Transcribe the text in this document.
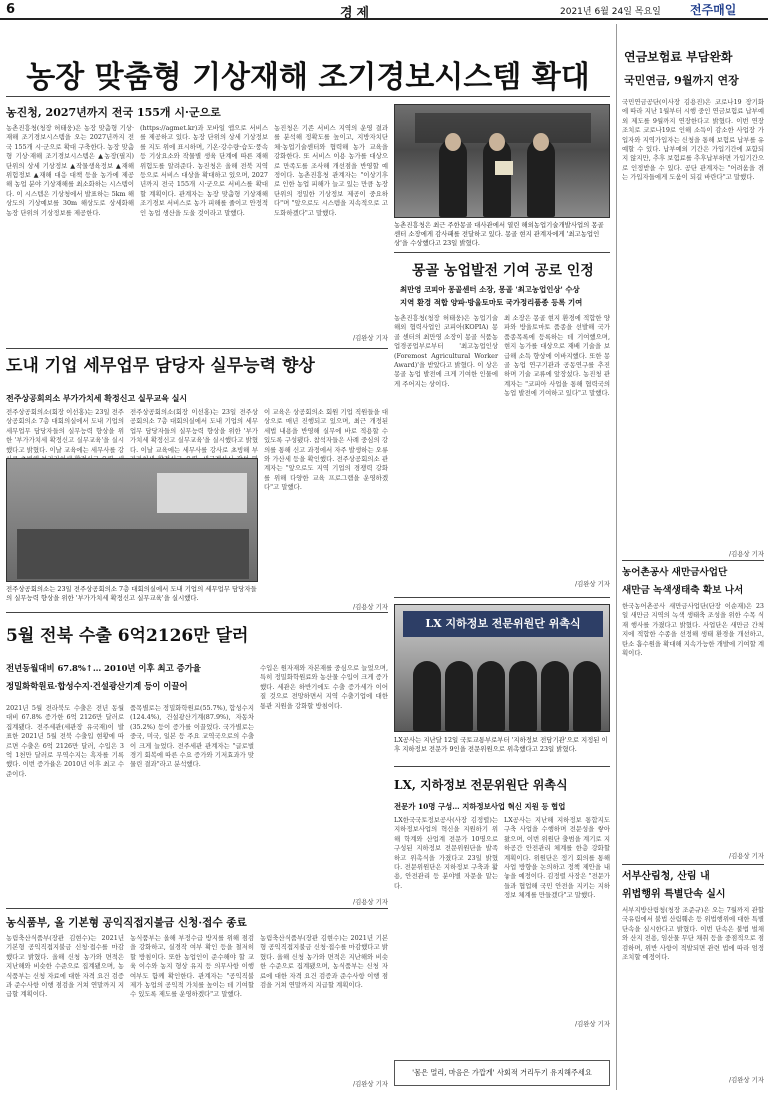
6	경제	2021년 6월 24일 목요일 전주매일
농장 맞춤형 기상재해 조기경보시스템 확대
농진청, 2027년까지 전국 155개 시·군으로
농촌진흥청(청장 허태웅)은 농장 맞춤형 기상·재해 조기경보시스템을 오는 2027년까지 전국 155개 시·군으로 확대 구축한다. 농장 맞춤형 기상·재해 조기경보시스템은 ▲농장(필지) 단위의 상세 기상정보 ▲작물생육정보 ▲재해 위험정보 ▲재해 대응 대책 등을 농가에 제공해 농업 분야 기상재해를 최소화하는 시스템이다. 이 시스템은 기상청에서 발표하는 5km 해상도의 기상예보를 30m 해상도로 상세화해 농장 단위의 기상정보를 제공한다.
(https://agmet.kr)과 모바일 앱으로 서비스를 제공하고 있다. 농장 단위의 상세 기상정보를 지도 위에 표시하며, 기온·강수량·습도·풍속 등 기상요소와 작물별 생육 단계에 따른 재해 위험도를 알려준다. 농진청은 올해 전북 지역 등으로 서비스 대상을 확대하고 있으며, 2027년까지 전국 155개 시·군으로 서비스를 확대할 계획이다. 관계자는 농장 맞춤형 기상재해 조기경보 서비스로 농가 피해를 줄이고 안정적인 농업 생산을 도울 것이라고 말했다.
농진청은 기존 서비스 지역의 운영 결과를 분석해 정확도를 높이고, 지방자치단체·농업기술센터와 협력해 농가 교육을 강화한다. 또 서비스 이용 농가를 대상으로 만족도를 조사해 개선점을 반영할 예정이다. 농촌진흥청 관계자는 "이상기후로 인한 농업 피해가 늘고 있는 만큼 농장 단위의 정밀한 기상정보 제공이 중요하다"며 "앞으로도 시스템을 지속적으로 고도화하겠다"고 말했다.
/김완상 기자
농촌진흥청은 최근 주한몽골 대사관에서 열린 해외농업기술개발사업의 몽골 센터 소장에게 감사패를 전달하고 있다. 몽골 현지 관계자에게 '최고농업인상'을 수상했다고 23일 밝혔다.
몽골 농업발전 기여 공로 인정
최만영 코피아 몽골센터 소장, 몽골 '최고농업인상' 수상
지역 환경 적합 양파·방울토마토 국가정리품종 등록 기여
농촌진흥청(청장 허태웅)은 농업기술 해외 협력사업인 코피아(KOPIA) 몽골 센터의 최만영 소장이 몽골 식품농업경공업부로부터 '최고농업인상(Foremost Agricultural Worker Award)'을 받았다고 밝혔다. 이 상은 몽골 농업 발전에 크게 기여한 인물에게 주어지는 상이다.
최 소장은 몽골 현지 환경에 적합한 양파와 방울토마토 품종을 선발해 국가 품종목록에 등록하는 데 기여했으며, 현지 농가를 대상으로 재배 기술을 보급해 소득 향상에 이바지했다. 또한 몽골 농업 연구기관과 공동연구를 추진하며 기술 교류에 앞장섰다. 농진청 관계자는 "코피아 사업을 통해 협력국의 농업 발전에 기여하고 있다"고 말했다.
/김완상 기자
도내 기업 세무업무 담당자 실무능력 향상
전주상공회의소 부가가치세 확정신고 실무교육 실시
전주상공회의소(회장 이선홍)는 23일 전주상공회의소 7층 대회의실에서 도내 기업의 세무업무 담당자들의 실무능력 향상을 위한 '부가가치세 확정신고 실무교육'을 실시했다고 밝혔다. 이날 교육에는 세무사를 강
전주상공회의소(회장 이선홍)는 23일 전주상공회의소 7층 대회의실에서 도내 기업의 세무업무 담당자들의 실무능력 향상을 위한 '부가가치세 확정신고 실무교육'을 실시했다고 밝혔다. 이날 교육에는 세무사를 강사로 초빙해 부
이 교육은 상공회의소 회원 기업 직원들을 대상으로 매년 진행되고 있으며, 최근 개정된 세법 내용을 반영해 실무에 바로 적용할 수 있도록 구성됐다. 참석자들은 사례 중심의 강의를 통해 신고 과정에서 자주 발생하는 오류와 가산세 등을 확인했다. 전주상공회의소 관계자는 "앞으로도 지역 기업의 경쟁력 강화를 위해 다양한 교육 프로그램을 운영하겠다"고 말했다.
/김용상 기자
전주상공회의소는 23일 전주상공회의소 7층 대회의실에서 도내 기업의 세무업무 담당자들의 실무능력 향상을 위한 '부가가치세 확정신고 실무교육'을 실시했다.
LX 지하정보 전문위원단 위촉식
LX공사는 지난달 12일 국토교통부로부터 '지하정보 전담기관'으로 지정된 이후 지하정보 전문가 9인을 전문위원으로 위촉했다고 23일 밝혔다.
5월 전북 수출 6억2126만 달러
전년동월대비 67.8%↑… 2010년 이후 최고 증가율
정밀화학원료·합성수지·건설광산기계 등이 이끌어
2021년 5월 전라북도 수출은 전년 동월 대비 67.8% 증가한 6억 2126만 달러로 집계됐다. 전주세관(세관장 유국재)이 발표한 2021년 5월 전북 수출입 현황에 따르면 수출은 6억 2126만 달러, 수입은 3억 1천만 달러로 무역수지는 흑자를 기록했다. 이번 증가율은 2010년 이후 최고 수준이다.
품목별로는 정밀화학원료(55.7%), 합성수지(124.4%), 건설광산기계(87.9%), 자동차(35.2%) 등이 증가를 이끌었다. 국가별로는 중국, 미국, 일본 등 주요 교역국으로의 수출이 크게 늘었다. 전주세관 관계자는 "글로벌 경기 회복에 따른 수요 증가와 기저효과가 맞물린 결과"라고 분석했다.
수입은 원자재와 자본재를 중심으로 늘었으며, 특히 정밀화학원료와 농산물 수입이 크게 증가했다. 세관은 하반기에도 수출 증가세가 이어질 것으로 전망하면서 지역 수출기업에 대한 통관 지원을 강화할 방침이다.
/김용상 기자
LX, 지하정보 전문위원단 위촉식
전문가 10명 구성… 지하정보사업 혁신 지원 등 협업
LX한국국토정보공사(사장 김정렬)는 지하정보사업의 혁신을 지원하기 위해 학계와 산업계 전문가 10명으로 구성된 지하정보 전문위원단을 발족하고 위촉식을 가졌다고 23일 밝혔다. 전문위원단은 지하정보 구축과 활용, 안전관리 등 분야별 자문을 맡는다.
LX공사는 지난해 지하정보 통합지도 구축 사업을 수행하며 전문성을 쌓아왔으며, 이번 위원단 출범을 계기로 지하공간 안전관리 체계를 한층 강화할 계획이다. 위원단은 정기 회의를 통해 사업 방향을 논의하고 정책 제안을 내놓을 예정이다. 김정렬 사장은 "전문가들과 협업해 국민 안전을 지키는 지하정보 체계를 만들겠다"고 말했다.
/김완상 기자
농식품부, 올 기본형 공익직접지불금 신청·접수 종료
농림축산식품부(장관 김현수)는 2021년 기본형 공익직접지불금 신청·접수를 마감했다고 밝혔다. 올해 신청 농가와 면적은 지난해와 비슷한 수준으로 집계됐으며, 농식품부는 신청 자료에 대한 자격 요건 검증과 준수사항 이행 점검을 거쳐 연말까지 지급할 계획이다.
농식품부는 올해 부정수급 방지를 위해 점검을 강화하고, 실경작 여부 확인 등을 철저히 할 방침이다. 또한 농업인이 준수해야 할 교육 이수와 농지 형상 유지 등 의무사항 이행 여부도 함께 확인한다. 관계자는 "공익직불제가 농업의 공익적 가치를 높이는 데 기여할 수 있도록 제도를 운영하겠다"고 말했다.
농림축산식품부(장관 김현수)는 2021년 기본형 공익직접지불금 신청·접수를 마감했다고 밝혔다. 올해 신청 농가와 면적은 지난해와 비슷한 수준으로 집계됐으며, 농식품부는 신청 자료에 대한 자격 요건 검증과 준수사항 이행 점검을 거쳐 연말까지 지급할 계획이다.
/김완상 기자
'몸은 멀리, 마음은 가깝게' 사회적 거리두기 유지해주세요
연금보험료 부담완화
국민연금, 9월까지 연장
국민연금공단(이사장 김용진)은 코로나19 장기화에 따라 지난 1월부터 시행 중인 연금보험료 납부예외 제도를 9월까지 연장한다고 밝혔다. 이번 연장 조치로 코로나19로 인해 소득이 감소한 사업장 가입자와 지역가입자는 신청을 통해 보험료 납부를 유예할 수 있다. 납부예외 기간은 가입기간에 포함되지 않지만, 추후 보험료를 추후납부하면 가입기간으로 인정받을 수 있다. 공단 관계자는 "어려움을 겪는 가입자들에게 도움이 되길 바란다"고 말했다.
/김용상 기자
농어촌공사 새만금사업단
새만금 녹색생태축 확보 나서
한국농어촌공사 새만금사업단(단장 이순재)은 23일 새만금 지역의 녹색 생태축 조성을 위한 수목 식재 행사를 가졌다고 밝혔다. 사업단은 새만금 간척지에 적합한 수종을 선정해 생태 환경을 개선하고, 탄소 흡수원을 확대해 지속가능한 개발에 기여할 계획이다.
/김용상 기자
서부산림청, 산림 내
위법행위 특별단속 실시
서부지방산림청(청장 조준규)은 오는 7월까지 관할 국유림에서 불법 산림훼손 등 위법행위에 대한 특별단속을 실시한다고 밝혔다. 이번 단속은 불법 벌채와 산지 전용, 임산물 무단 채취 등을 중점적으로 점검하며, 위반 사항이 적발되면 관련 법에 따라 엄정 조치할 예정이다.
/김완상 기자
